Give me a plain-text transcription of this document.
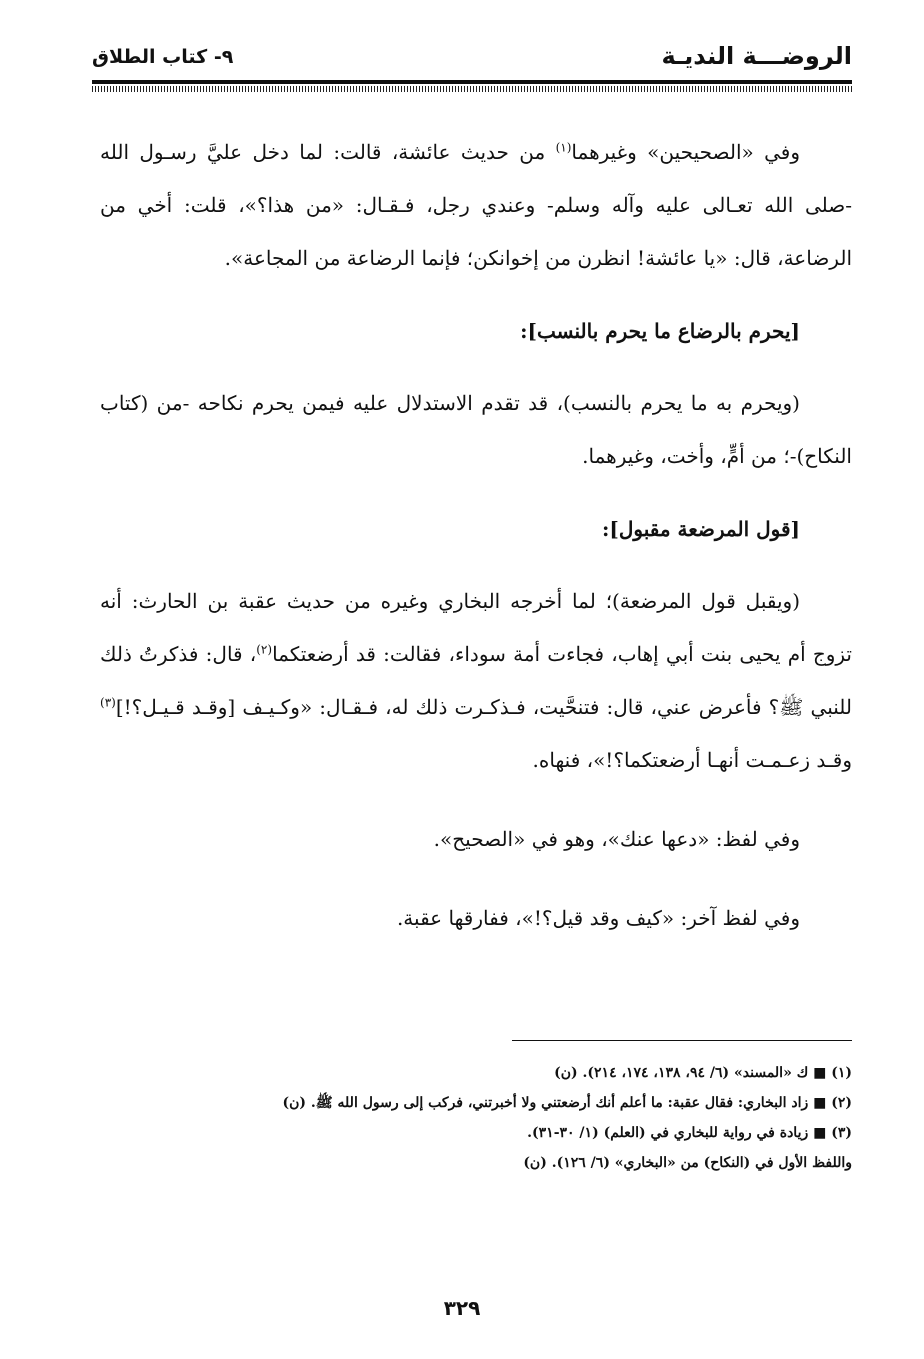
الروضـــة النديـة
٩- كتاب الطلاق

وفي «الصحيحين» وغيرهما$^{(١)}$ من حديث عائشة، قالت: لما دخل عليَّ رسـول الله -صلى الله تعـالى عليه وآله وسلم- وعندي رجل، فـقـال: «من هذا؟»، قلت: أخي من الرضاعة، قال: «يا عائشة! انظرن من إخوانكن؛ فإنما الرضاعة من المجاعة».

[يحرم بالرضاع ما يحرم بالنسب]:

(ويحرم به ما يحرم بالنسب)، قد تقدم الاستدلال عليه فيمن يحرم نكاحه -من (كتاب النكاح)-؛ من أمٍّ، وأخت، وغيرهما.

[قول المرضعة مقبول]:

(ويقبل قول المرضعة)؛ لما أخرجه البخاري وغيره من حديث عقبة بن الحارث: أنه تزوج أم يحيى بنت أبي إهاب، فجاءت أمة سوداء، فقالت: قد أرضعتكما$^{(٢)}$، قال: فذكرتُ ذلك للنبي ﷺ؟ فأعرض عني، قال: فتنحَّيت، فـذكـرت ذلك له، فـقـال: «وكـيـف [وقـد قـيـل؟!]$^{(٣)}$ وقـد زعـمـت أنهـا أرضعتكما؟!»، فنهاه.

وفي لفظ: «دعها عنك»، وهو في «الصحيح».

وفي لفظ آخر: «كيف وقد قيل؟!»، ففارقها عقبة.

(١) ■ ك «المسند» (٦/ ٩٤، ١٣٨، ١٧٤، ٢١٤). (ن)

(٢) ■ زاد البخاري: فقال عقبة: ما أعلم أنك أرضعتني ولا أخبرتني، فركب إلى رسول الله ﷺ. (ن)

(٣) ■ زيادة في رواية للبخاري في (العلم) (١/ ٣٠-٣١).

واللفظ الأول في (النكاح) من «البخاري» (٦/ ١٢٦). (ن)

٣٢٩
